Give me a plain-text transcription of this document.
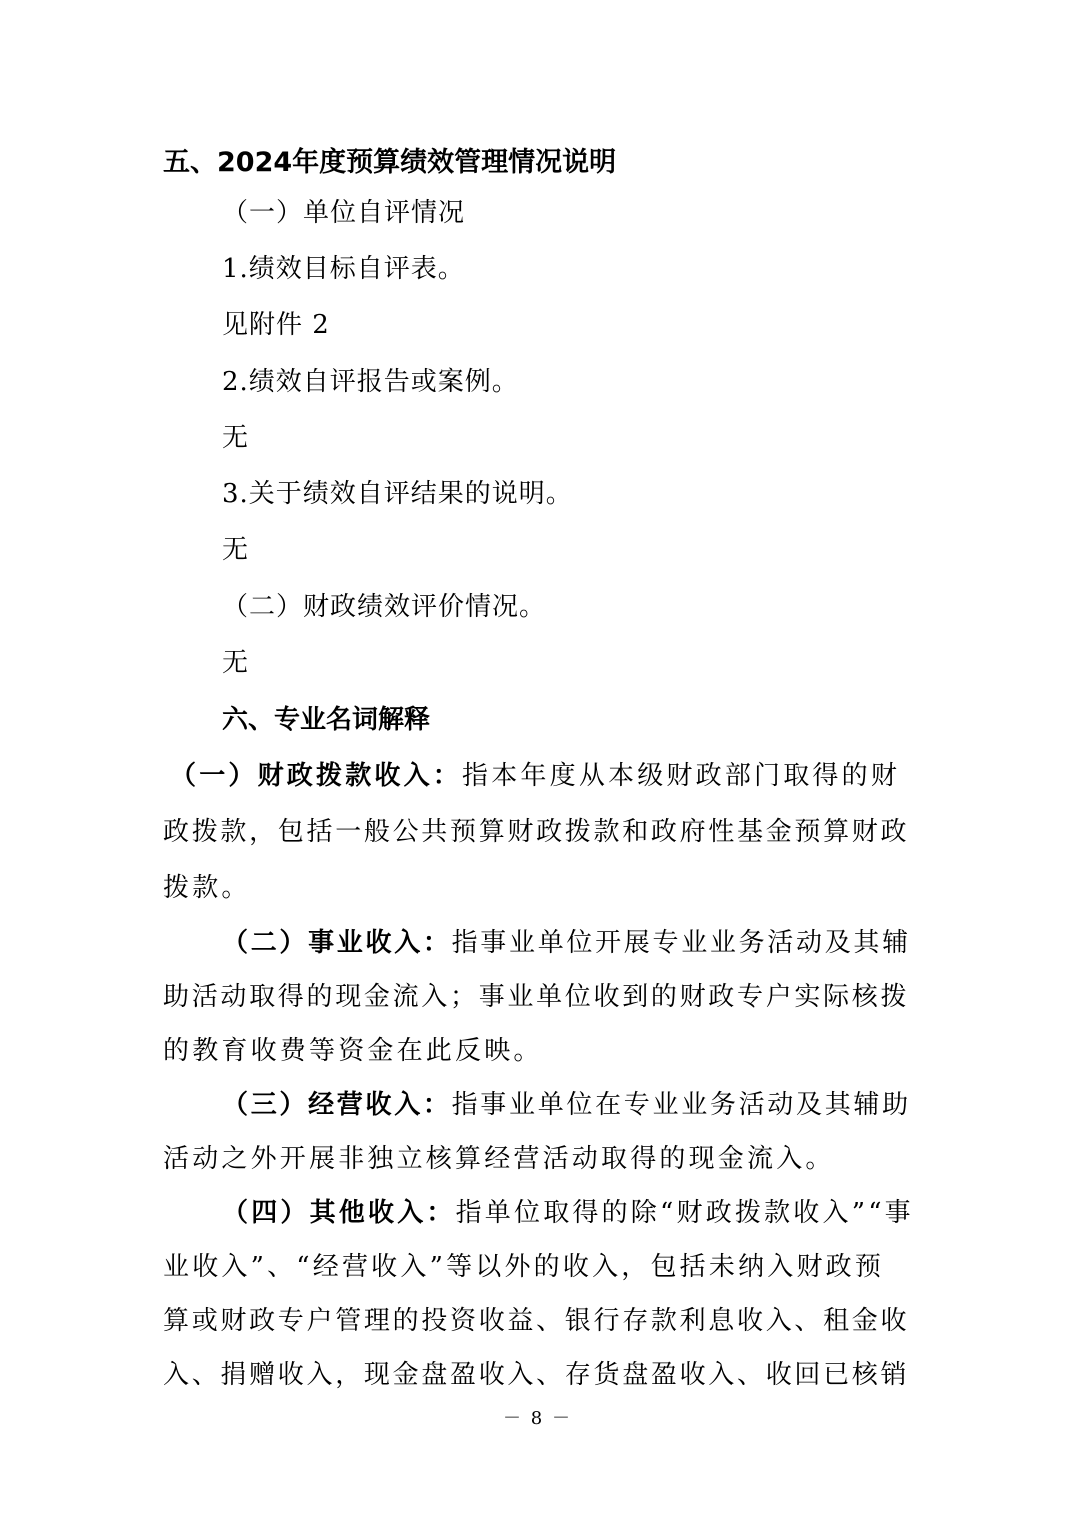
五、2024年度预算绩效管理情况说明
（一）单位自评情况
1.绩效目标自评表。
见附件 2
2.绩效自评报告或案例。
无
3.关于绩效自评结果的说明。
无
（二）财政绩效评价情况。
无
六、专业名词解释
（一）财政拨款收入：指本年度从本级财政部门取得的财
政拨款，包括一般公共预算财政拨款和政府性基金预算财政
拨款。
（二）事业收入：指事业单位开展专业业务活动及其辅
助活动取得的现金流入；事业单位收到的财政专户实际核拨
的教育收费等资金在此反映。
（三）经营收入：指事业单位在专业业务活动及其辅助
活动之外开展非独立核算经营活动取得的现金流入。
（四）其他收入：指单位取得的除“财政拨款收入”“事
业收入”、“经营收入”等以外的收入，包括未纳入财政预
算或财政专户管理的投资收益、银行存款利息收入、租金收
入、捐赠收入，现金盘盈收入、存货盘盈收入、收回已核销
－ 8 －
